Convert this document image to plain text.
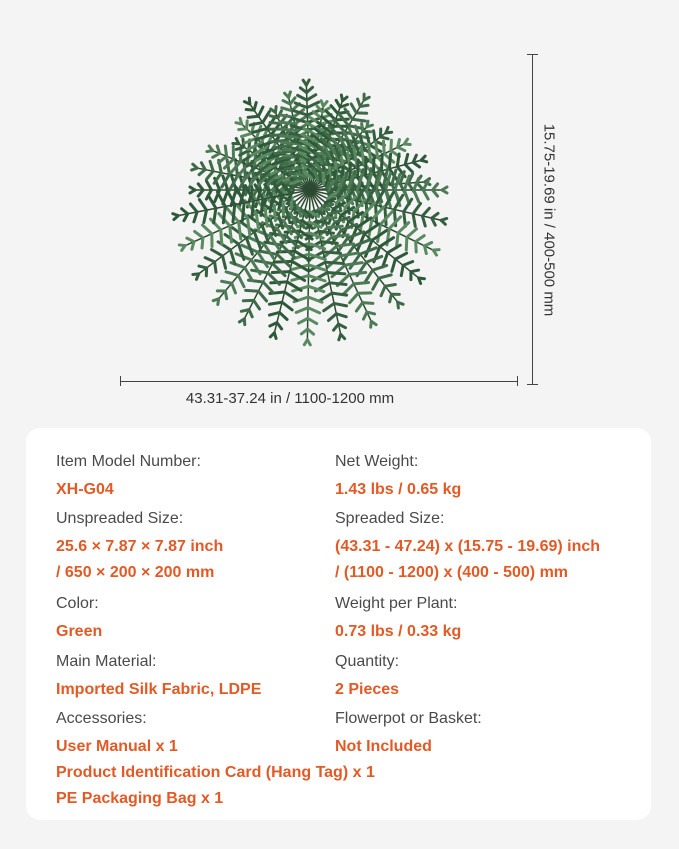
43.31-37.24 in / 1100-1200 mm
15.75-19.69 in / 400-500 mm
Item Model Number:
XH-G04
Net Weight:
1.43 lbs / 0.65 kg
Unspreaded Size:
25.6 × 7.87 × 7.87 inch
/ 650 × 200 × 200 mm
Spreaded Size:
(43.31 - 47.24) x (15.75 - 19.69) inch
/ (1100 - 1200) x (400 - 500) mm
Color:
Green
Weight per Plant:
0.73 lbs / 0.33 kg
Main Material:
Imported Silk Fabric, LDPE
Quantity:
2 Pieces
Accessories:
User Manual x 1
Product Identification Card (Hang Tag) x 1
PE Packaging Bag x 1
Flowerpot or Basket:
Not Included
